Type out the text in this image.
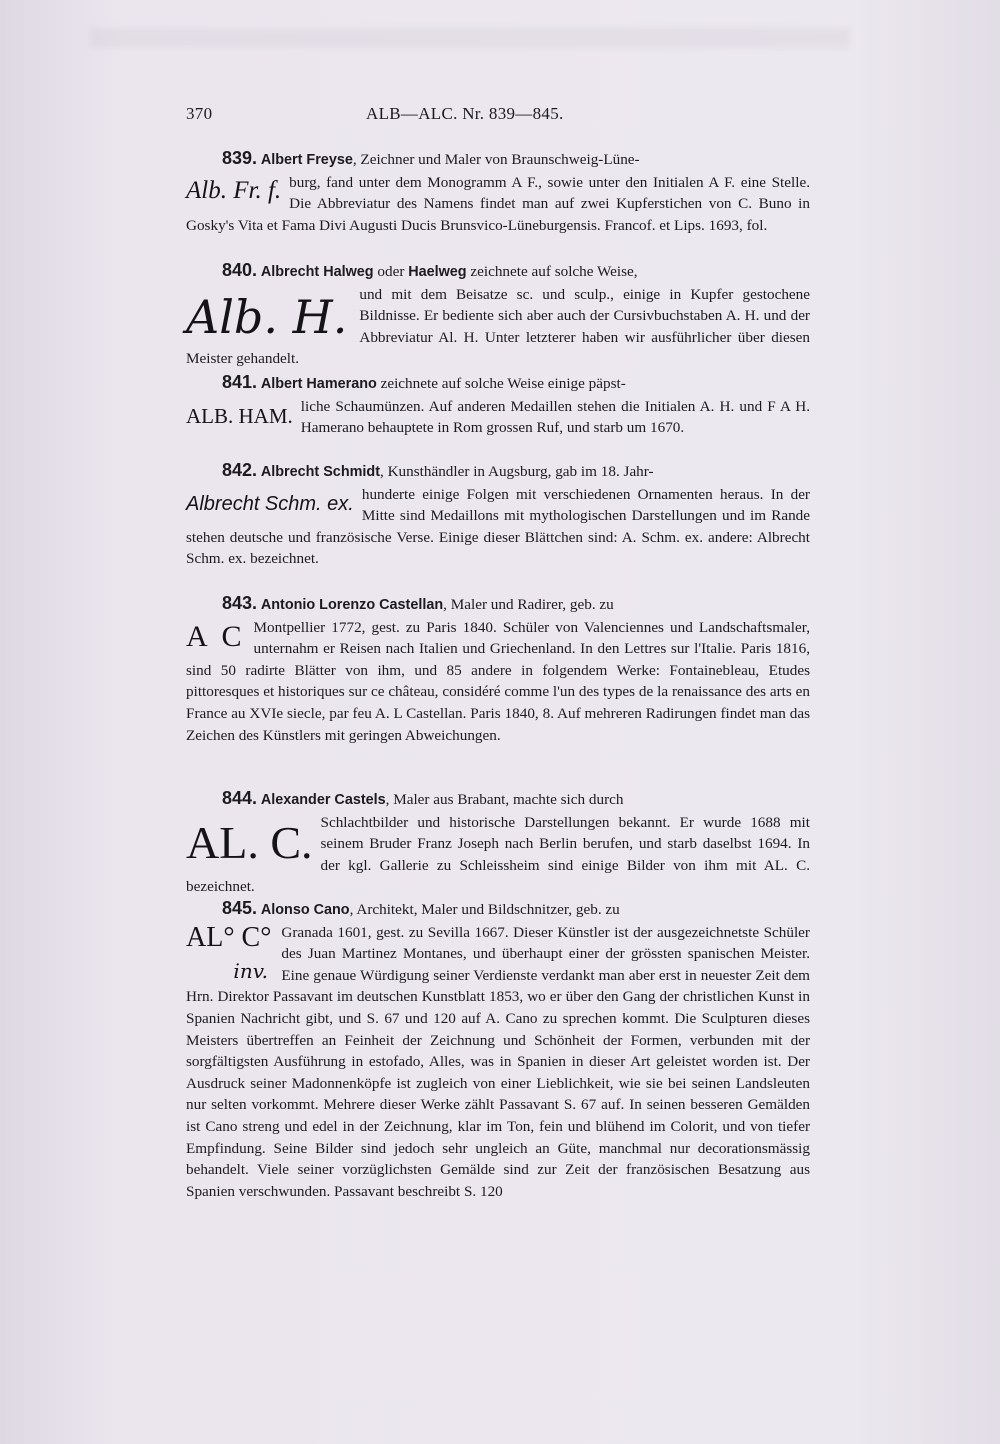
370	ALB—ALC. Nr. 839—845.

839. Albert Freyse, Zeichner und Maler von Braunschweig-Lüne-

Alb. Fr. f. burg, fand unter dem Monogramm A F., sowie unter den Initialen A F. eine Stelle. Die Abbreviatur des Namens findet man auf zwei Kupferstichen von C. Buno in Gosky's Vita et Fama Divi Augusti Ducis Brunsvico-Lüneburgensis. Francof. et Lips. 1693, fol.

840. Albrecht Halweg oder Haelweg zeichnete auf solche Weise,

Alb. H. und mit dem Beisatze sc. und sculp., einige in Kupfer gestochene Bildnisse. Er bediente sich aber auch der Cursivbuchstaben A. H. und der Abbreviatur Al. H. Unter letzterer haben wir ausführlicher über diesen Meister gehandelt.

841. Albert Hamerano zeichnete auf solche Weise einige päpst-

ALB. HAM. liche Schaumünzen. Auf anderen Medaillen stehen die Initialen A. H. und F A H. Hamerano behauptete in Rom grossen Ruf, und starb um 1670.

842. Albrecht Schmidt, Kunsthändler in Augsburg, gab im 18. Jahr-

Albrecht Schm. ex. hunderte einige Folgen mit verschiedenen Ornamenten heraus. In der Mitte sind Medaillons mit mythologischen Darstellungen und im Rande stehen deutsche und französische Verse. Einige dieser Blättchen sind: A. Schm. ex. andere: Albrecht Schm. ex. bezeichnet.

843. Antonio Lorenzo Castellan, Maler und Radirer, geb. zu

A C Montpellier 1772, gest. zu Paris 1840. Schüler von Valenciennes und Landschaftsmaler, unternahm er Reisen nach Italien und Griechenland. In den Lettres sur l'Italie. Paris 1816, sind 50 radirte Blätter von ihm, und 85 andere in folgendem Werke: Fontainebleau, Etudes pittoresques et historiques sur ce château, considéré comme l'un des types de la renaissance des arts en France au XVIe siecle, par feu A. L Castellan. Paris 1840, 8. Auf mehreren Radirungen findet man das Zeichen des Künstlers mit geringen Abweichungen.

844. Alexander Castels, Maler aus Brabant, machte sich durch

AL. C. Schlachtbilder und historische Darstellungen bekannt. Er wurde 1688 mit seinem Bruder Franz Joseph nach Berlin berufen, und starb daselbst 1694. In der kgl. Gallerie zu Schleissheim sind einige Bilder von ihm mit AL. C. bezeichnet.

845. Alonso Cano, Architekt, Maler und Bildschnitzer, geb. zu

AL° C°
inv.
Granada 1601, gest. zu Sevilla 1667. Dieser Künstler ist der ausgezeichnetste Schüler des Juan Martinez Montanes, und überhaupt einer der grössten spanischen Meister. Eine genaue Würdigung seiner Verdienste verdankt man aber erst in neuester Zeit dem Hrn. Direktor Passavant im deutschen Kunstblatt 1853, wo er über den Gang der christlichen Kunst in Spanien Nachricht gibt, und S. 67 und 120 auf A. Cano zu sprechen kommt. Die Sculpturen dieses Meisters übertreffen an Feinheit der Zeichnung und Schönheit der Formen, verbunden mit der sorgfältigsten Ausführung in estofado, Alles, was in Spanien in dieser Art geleistet worden ist. Der Ausdruck seiner Madonnenköpfe ist zugleich von einer Lieblichkeit, wie sie bei seinen Landsleuten nur selten vorkommt. Mehrere dieser Werke zählt Passavant S. 67 auf. In seinen besseren Gemälden ist Cano streng und edel in der Zeichnung, klar im Ton, fein und blühend im Colorit, und von tiefer Empfindung. Seine Bilder sind jedoch sehr ungleich an Güte, manchmal nur decorationsmässig behandelt. Viele seiner vorzüglichsten Gemälde sind zur Zeit der französischen Besatzung aus Spanien verschwunden. Passavant beschreibt S. 120
